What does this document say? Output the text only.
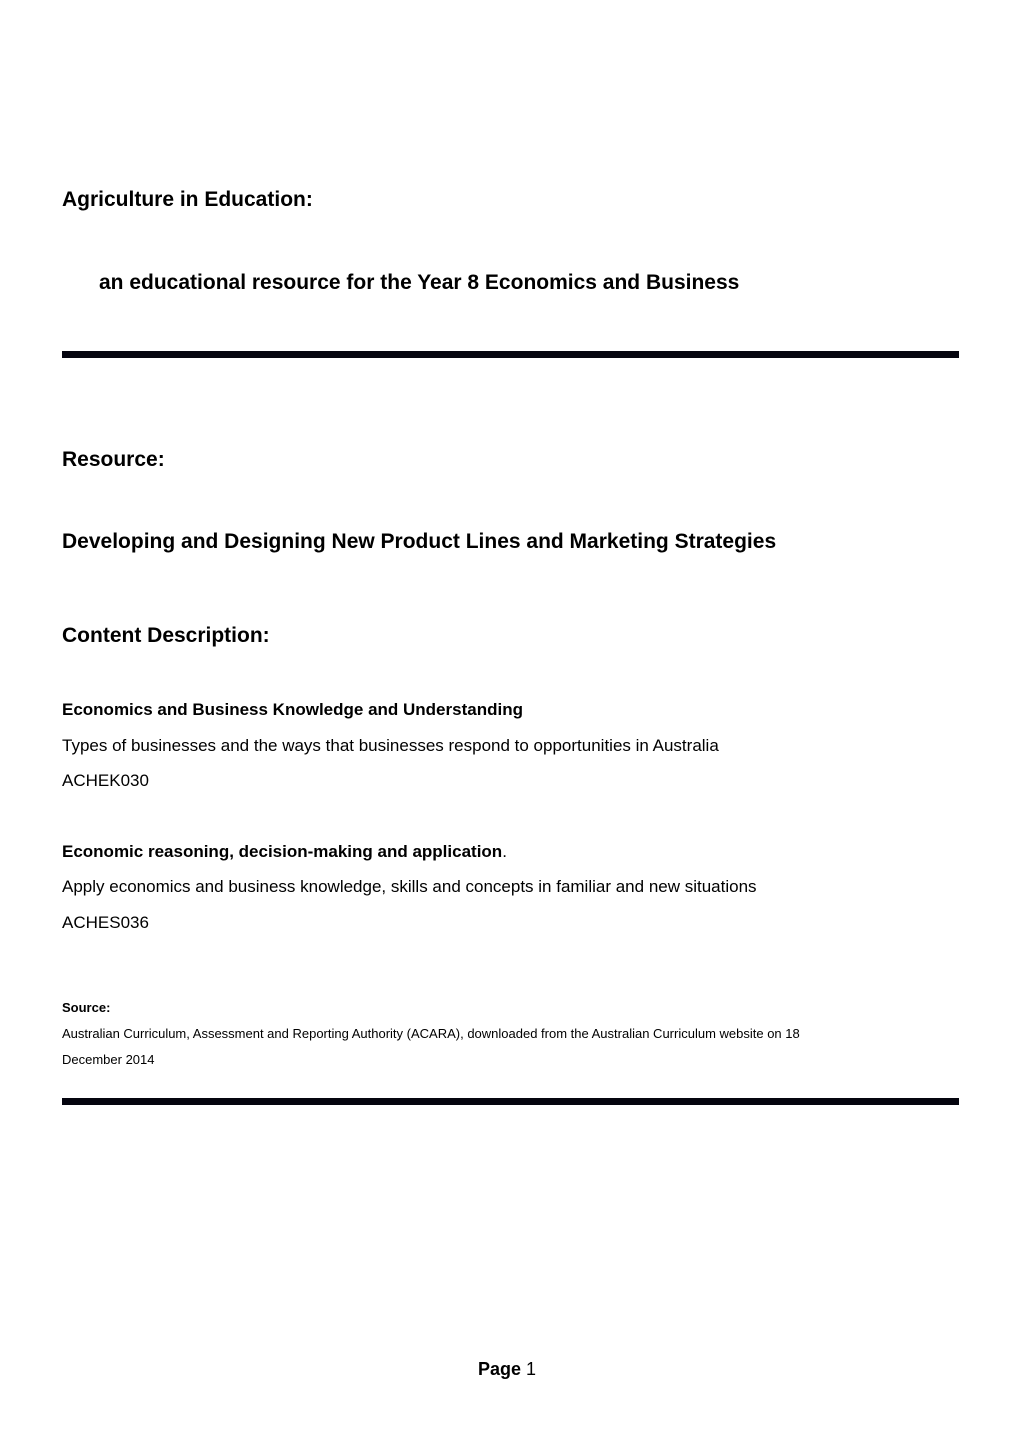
Agriculture in Education:
an educational resource for the Year 8 Economics and Business
Resource:
Developing and Designing New Product Lines and Marketing Strategies
Content Description:
Economics and Business Knowledge and Understanding
Types of businesses and the ways that businesses respond to opportunities in Australia
ACHEK030
Economic reasoning, decision-making and application.
Apply economics and business knowledge, skills and concepts in familiar and new situations
ACHES036
Source:
Australian Curriculum, Assessment and Reporting Authority (ACARA), downloaded from the Australian Curriculum website on 18
December 2014
Page 1
